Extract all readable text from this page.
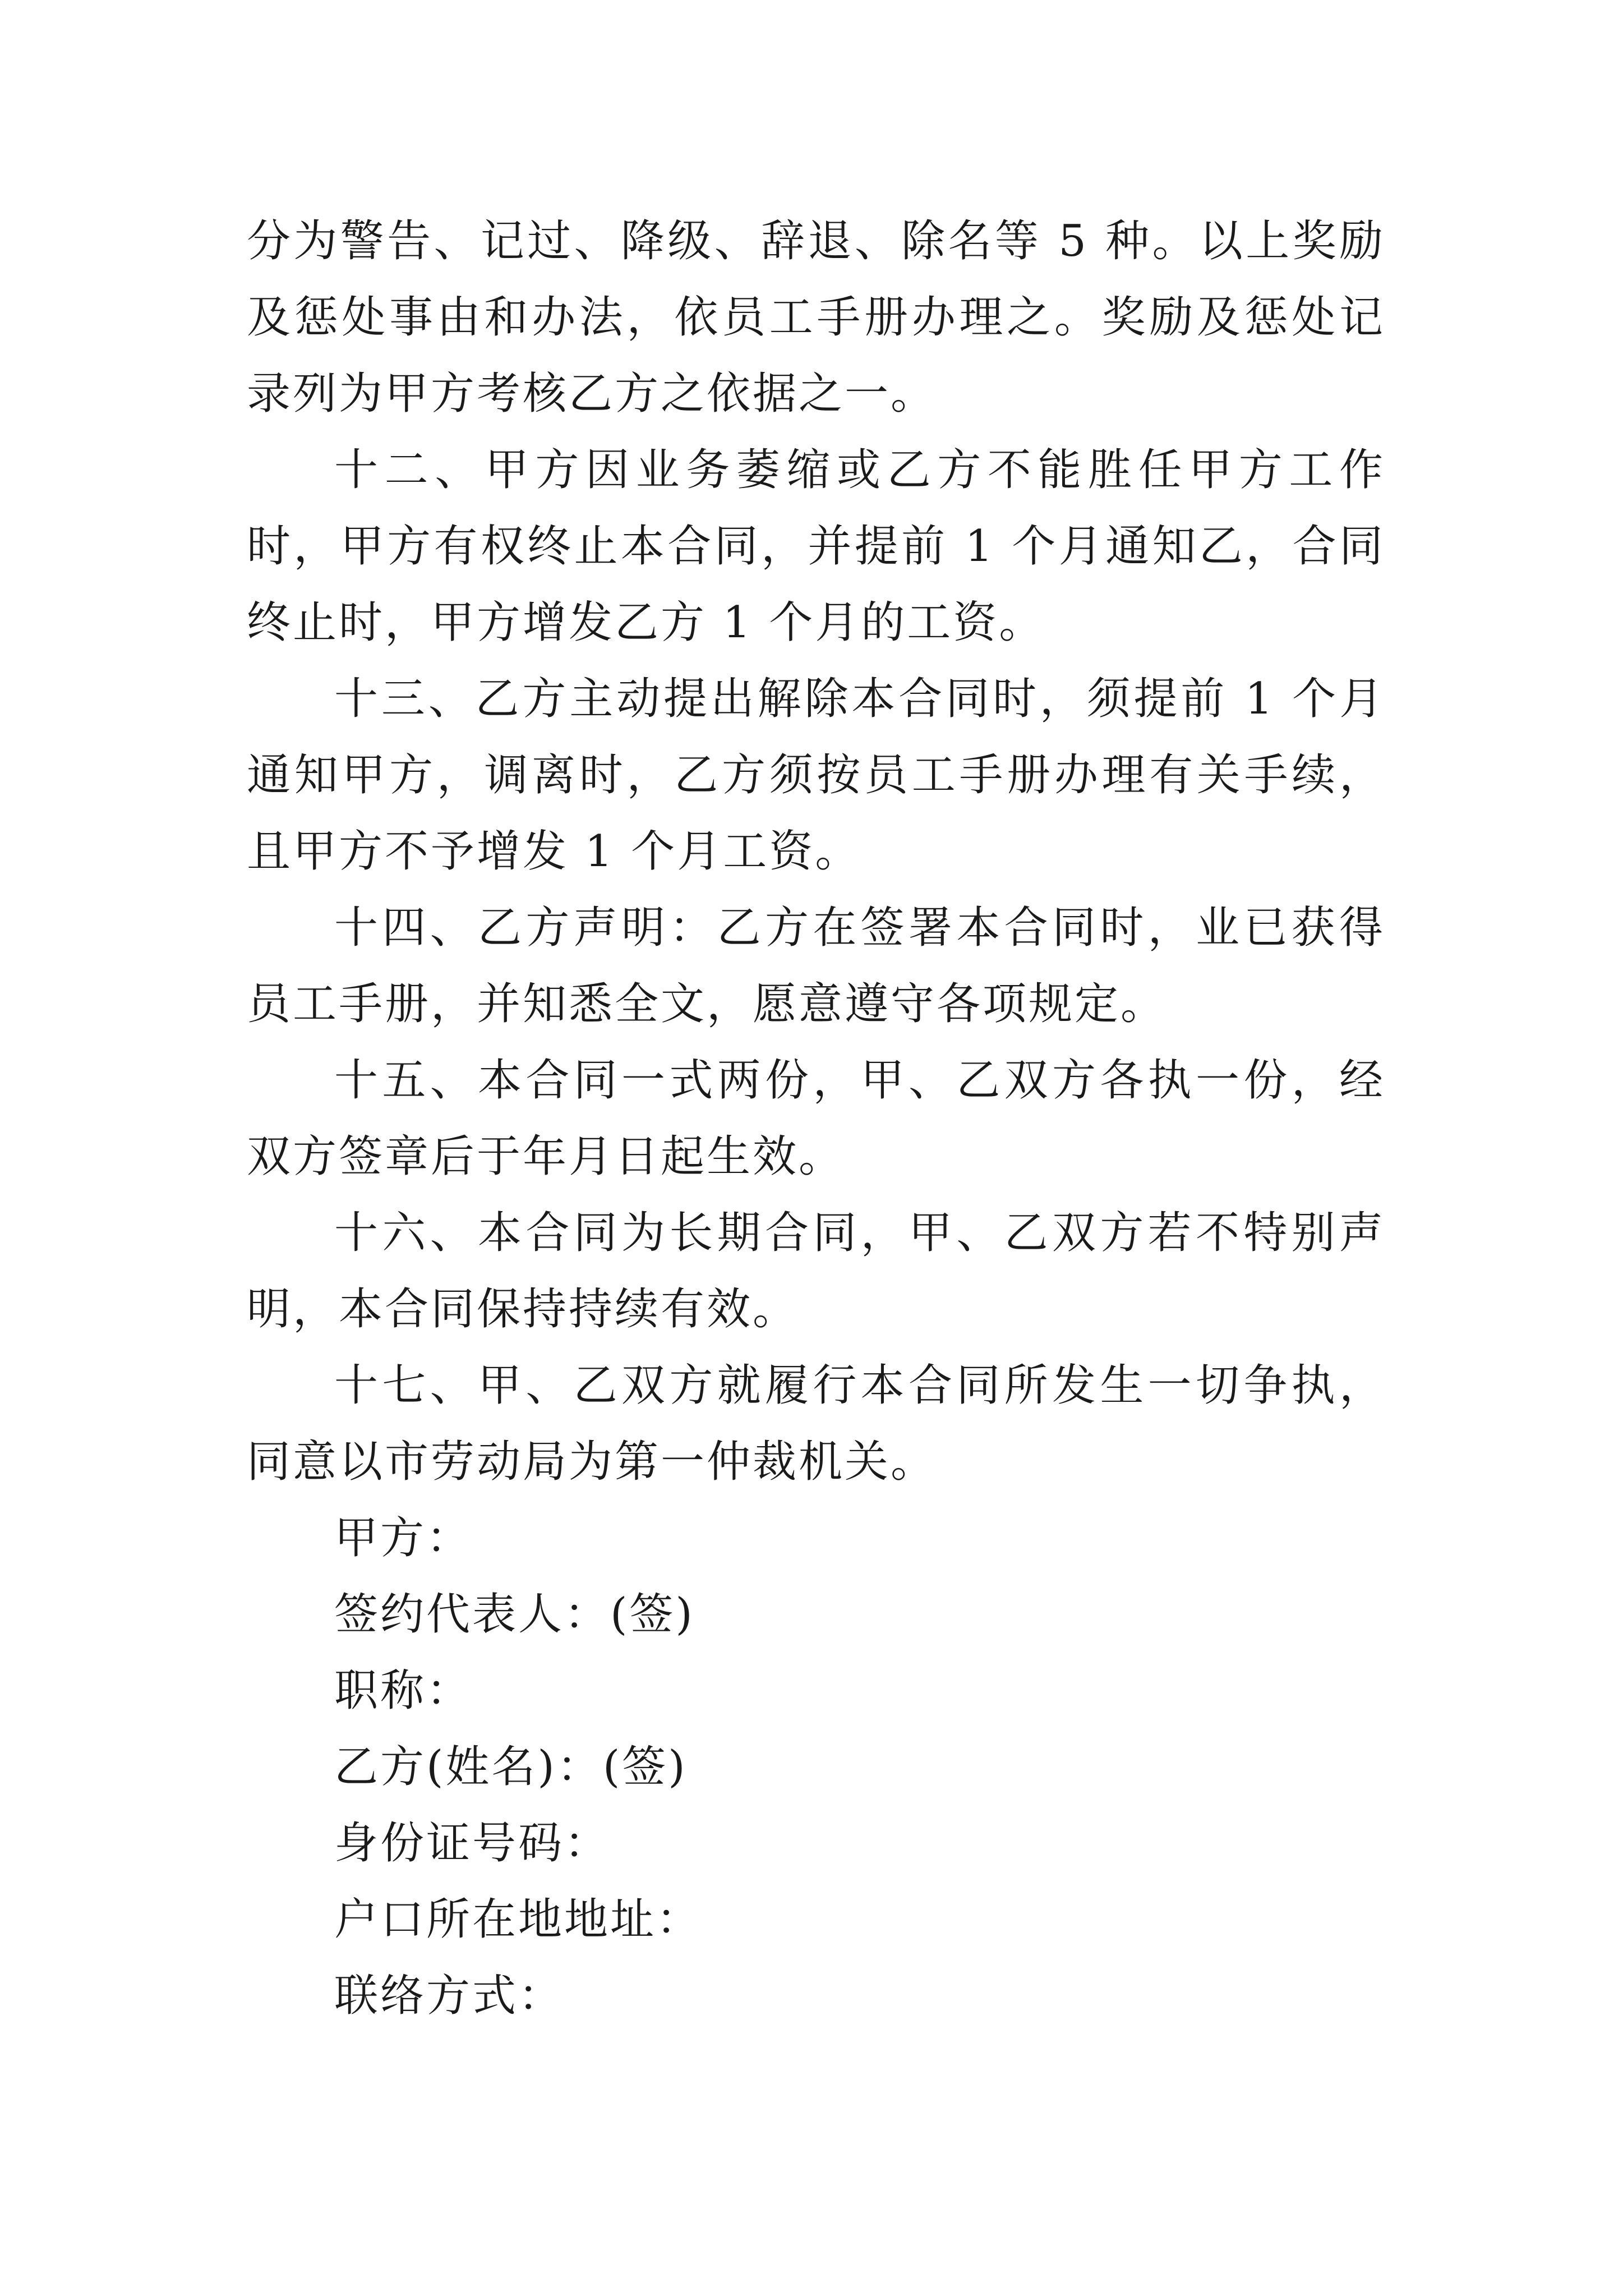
分为警告、记过、降级、辞退、除名等 5 种。以上奖励及惩处事由和办法，依员工手册办理之。奖励及惩处记录列为甲方考核乙方之依据之一。

十二、甲方因业务萎缩或乙方不能胜任甲方工作时，甲方有权终止本合同，并提前 1 个月通知乙，合同终止时，甲方增发乙方 1 个月的工资。

十三、乙方主动提出解除本合同时，须提前 1 个月通知甲方，调离时，乙方须按员工手册办理有关手续，且甲方不予增发 1 个月工资。

十四、乙方声明：乙方在签署本合同时，业已获得员工手册，并知悉全文，愿意遵守各项规定。

十五、本合同一式两份，甲、乙双方各执一份，经双方签章后于年月日起生效。

十六、本合同为长期合同，甲、乙双方若不特别声明，本合同保持持续有效。

十七、甲、乙双方就履行本合同所发生一切争执，同意以市劳动局为第一仲裁机关。

甲方：

签约代表人：(签)

职称：

乙方(姓名)：(签)

身份证号码：

户口所在地地址：

联络方式：
